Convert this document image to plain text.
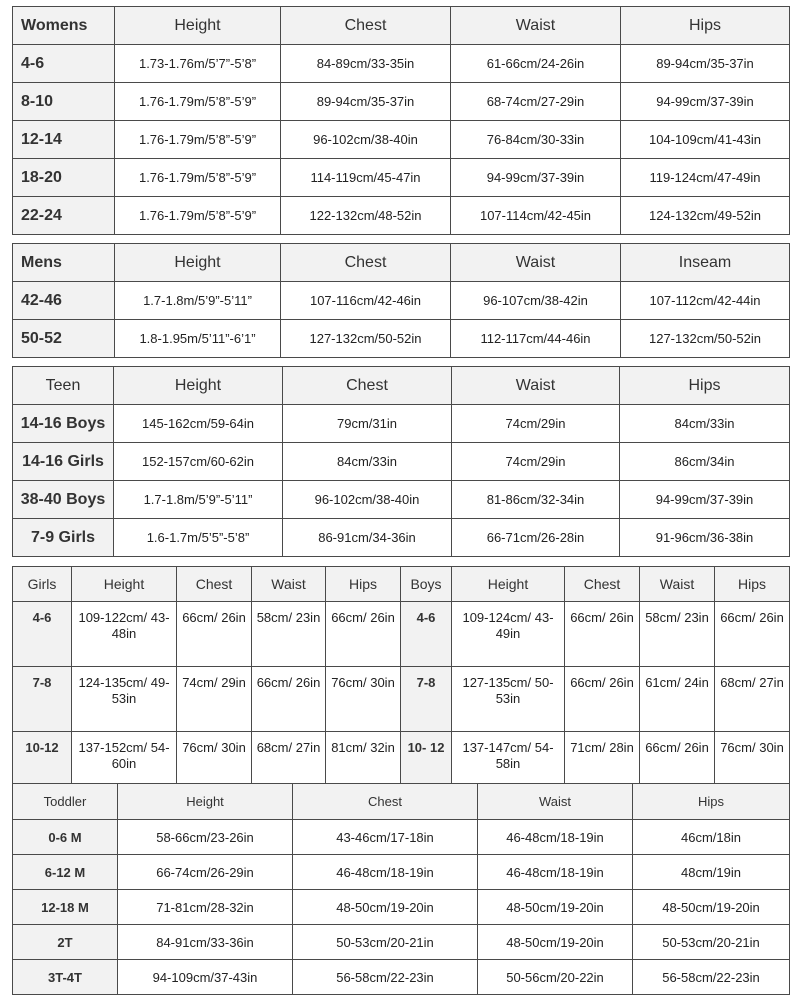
Womens	Height	Chest	Waist	Hips
4-6	1.73-1.76m/5’7”-5’8”	84-89cm/33-35in	61-66cm/24-26in	89-94cm/35-37in
8-10	1.76-1.79m/5’8”-5’9”	89-94cm/35-37in	68-74cm/27-29in	94-99cm/37-39in
12-14	1.76-1.79m/5’8”-5’9”	96-102cm/38-40in	76-84cm/30-33in	104-109cm/41-43in
18-20	1.76-1.79m/5’8”-5’9”	114-119cm/45-47in	94-99cm/37-39in	119-124cm/47-49in
22-24	1.76-1.79m/5’8”-5’9”	122-132cm/48-52in	107-114cm/42-45in	124-132cm/49-52in
Mens	Height	Chest	Waist	Inseam
42-46	1.7-1.8m/5’9”-5’11”	107-116cm/42-46in	96-107cm/38-42in	107-112cm/42-44in
50-52	1.8-1.95m/5’11”-6’1”	127-132cm/50-52in	112-117cm/44-46in	127-132cm/50-52in
Teen	Height	Chest	Waist	Hips
14-16 Boys	145-162cm/59-64in	79cm/31in	74cm/29in	84cm/33in
14-16 Girls	152-157cm/60-62in	84cm/33in	74cm/29in	86cm/34in
38-40 Boys	1.7-1.8m/5’9”-5’11”	96-102cm/38-40in	81-86cm/32-34in	94-99cm/37-39in
7-9 Girls	1.6-1.7m/5’5”-5’8”	86-91cm/34-36in	66-71cm/26-28in	91-96cm/36-38in
Girls	Height	Chest	Waist	Hips	Boys	Height	Chest	Waist	Hips
4-6	109-122cm/ 43-48in	66cm/ 26in	58cm/ 23in	66cm/ 26in	4-6	109-124cm/ 43-49in	66cm/ 26in	58cm/ 23in	66cm/ 26in
7-8	124-135cm/ 49-53in	74cm/ 29in	66cm/ 26in	76cm/ 30in	7-8	127-135cm/ 50-53in	66cm/ 26in	61cm/ 24in	68cm/ 27in
10-12	137-152cm/ 54-60in	76cm/ 30in	68cm/ 27in	81cm/ 32in	10- 12	137-147cm/ 54-58in	71cm/ 28in	66cm/ 26in	76cm/ 30in
Toddler	Height	Chest	Waist	Hips
0-6 M	58-66cm/23-26in	43-46cm/17-18in	46-48cm/18-19in	46cm/18in
6-12 M	66-74cm/26-29in	46-48cm/18-19in	46-48cm/18-19in	48cm/19in
12-18 M	71-81cm/28-32in	48-50cm/19-20in	48-50cm/19-20in	48-50cm/19-20in
2T	84-91cm/33-36in	50-53cm/20-21in	48-50cm/19-20in	50-53cm/20-21in
3T-4T	94-109cm/37-43in	56-58cm/22-23in	50-56cm/20-22in	56-58cm/22-23in
